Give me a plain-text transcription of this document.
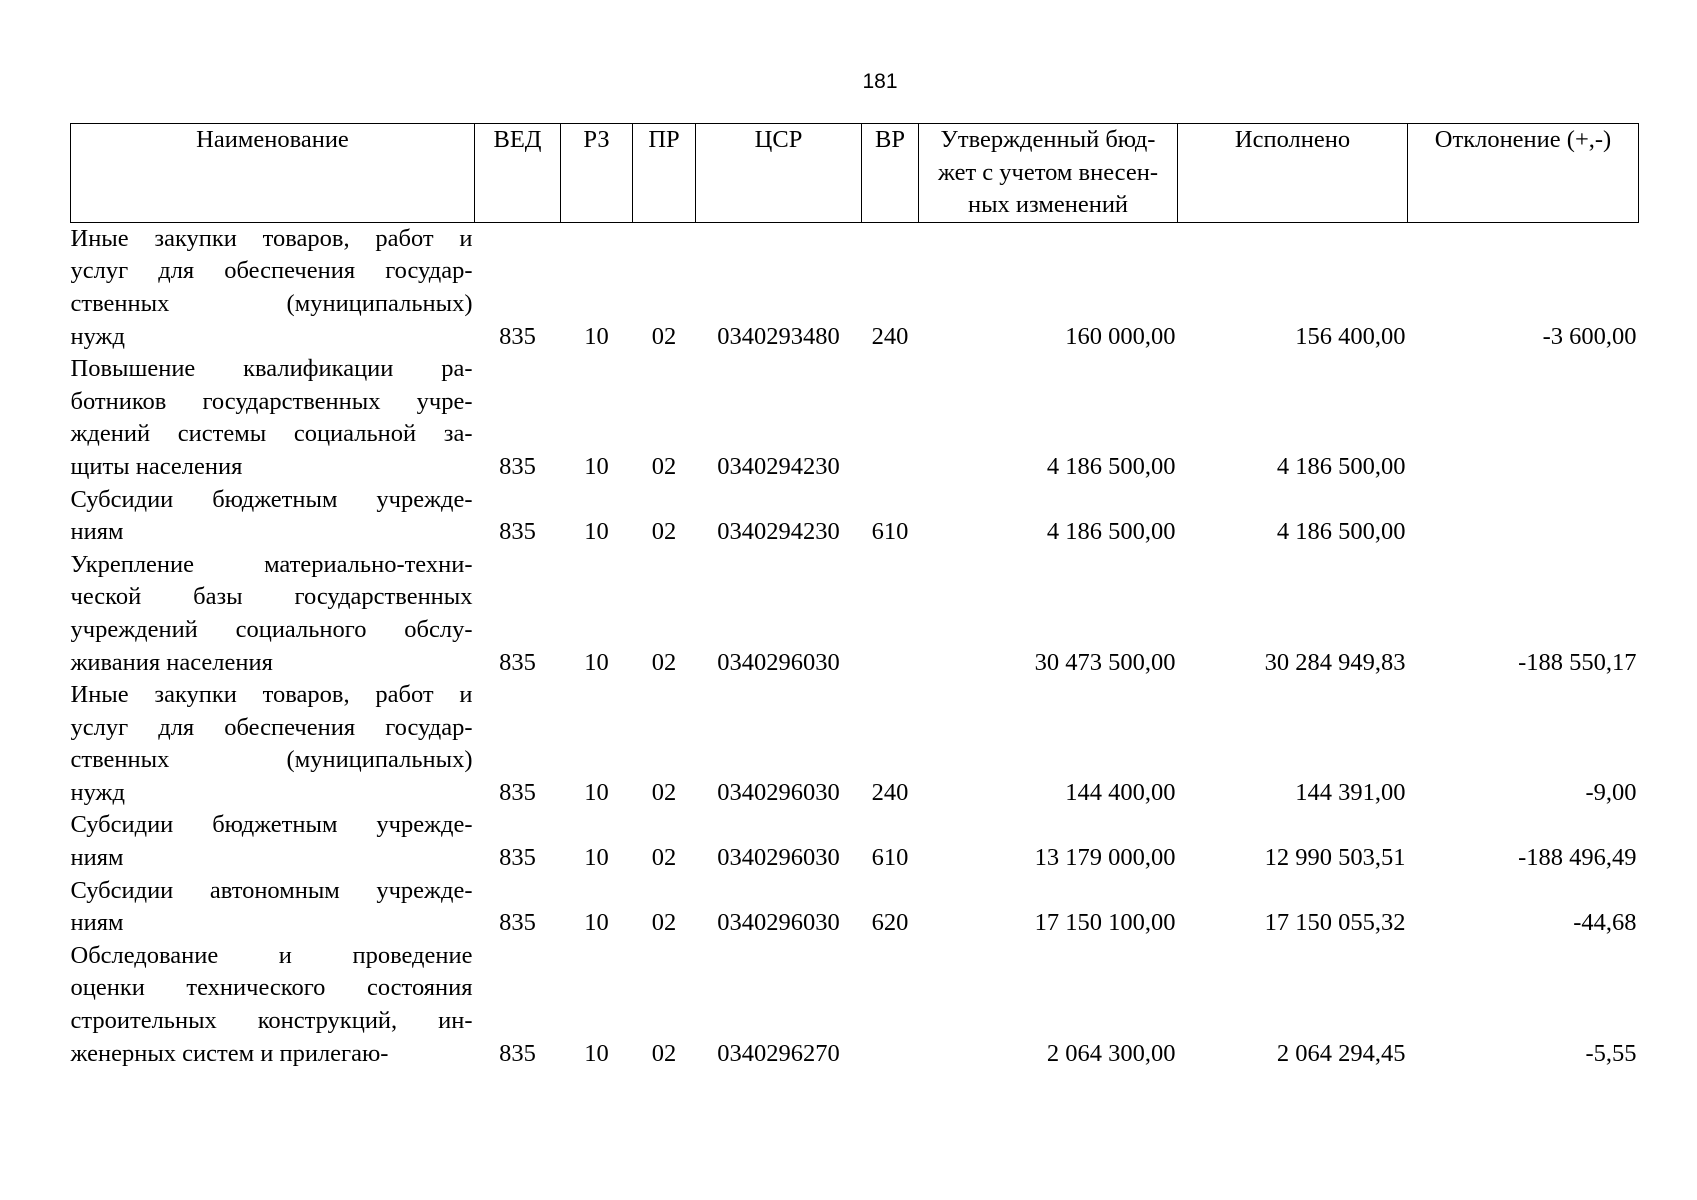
181
Наименование	ВЕД	РЗ	ПР	ЦСР	ВР	Утвержденный бюд-
жет с учетом внесен-
ных изменений	Исполнено	Отклонение (+,-)

Иные закупки товаров, работ и
услуг для обеспечения государ-
ственных (муниципальных)
нужд	835	10	02	0340293480	240	160 000,00	156 400,00	-3 600,00

Повышение квалификации ра-
ботников государственных учре-
ждений системы социальной за-
щиты населения	835	10	02	0340294230		4 186 500,00	4 186 500,00	

Субсидии бюджетным учрежде-
ниям	835	10	02	0340294230	610	4 186 500,00	4 186 500,00	

Укрепление материально-техни-
ческой базы государственных
учреждений социального обслу-
живания населения	835	10	02	0340296030		30 473 500,00	30 284 949,83	-188 550,17

Иные закупки товаров, работ и
услуг для обеспечения государ-
ственных (муниципальных)
нужд	835	10	02	0340296030	240	144 400,00	144 391,00	-9,00

Субсидии бюджетным учрежде-
ниям	835	10	02	0340296030	610	13 179 000,00	12 990 503,51	-188 496,49

Субсидии автономным учрежде-
ниям	835	10	02	0340296030	620	17 150 100,00	17 150 055,32	-44,68

Обследование и проведение
оценки технического состояния
строительных конструкций, ин-
женерных систем и прилегаю-	835	10	02	0340296270		2 064 300,00	2 064 294,45	-5,55
